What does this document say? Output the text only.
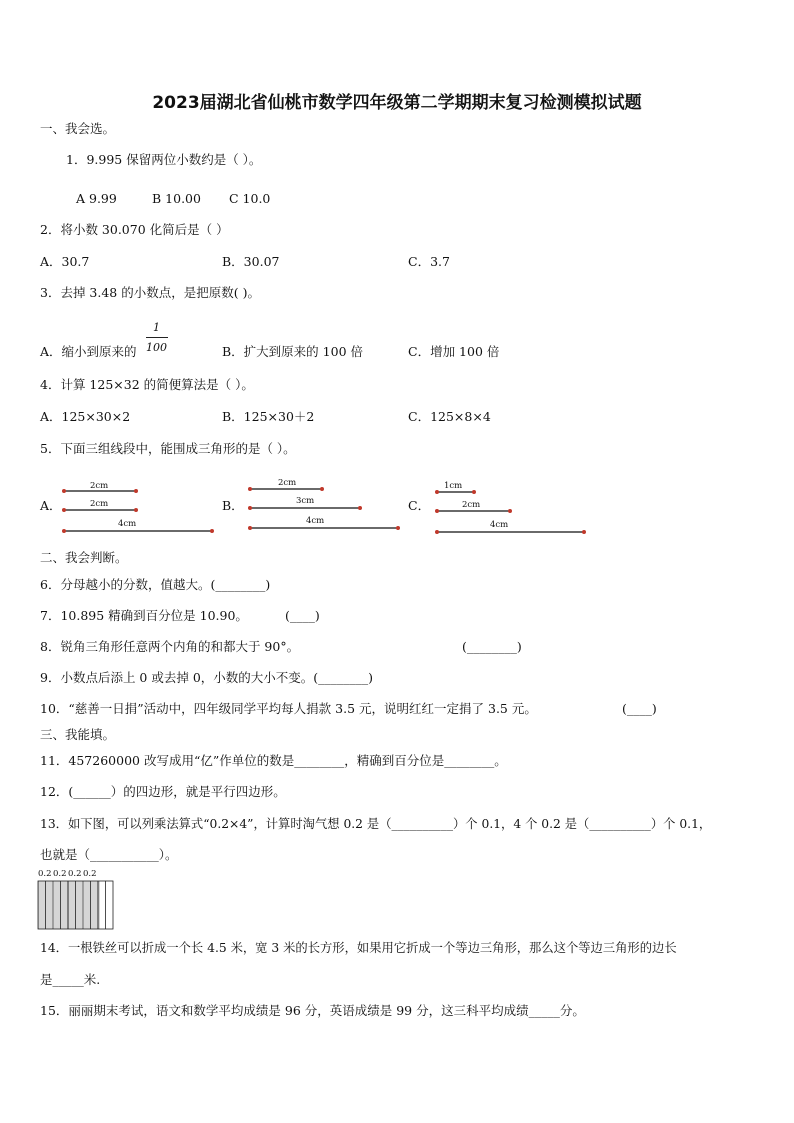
2023届湖北省仙桃市数学四年级第二学期期末复习检测模拟试题
一、我会选。
1．9.995 保留两位小数约是（ ）。
A 9.99	B 10.00 C 10.0
2．将小数 30.070 化简后是（ ）
A．30.7	B．30.07	C．3.7
3．去掉 3.48 的小数点，是把原数( )。
A．缩小到原来的
1
100	B．扩大到原来的 100 倍	C．增加 100 倍
4．计算 125×32 的简便算法是（ ）。
A．125×30×2	B．125×30＋2	C．125×8×4
5．下面三组线段中，能围成三角形的是（ ）。
A．
2cm
2cm
4cm
B．
2cm
3cm
4cm
C．
1cm
2cm
4cm
二、我会判断。
6．分母越小的分数，值越大。(________)
7．10.895 精确到百分位是 10.90。	(____)
8．锐角三角形任意两个内角的和都大于 90°。	(________)
9．小数点后添上 0 或去掉 0，小数的大小不变。(________)
10．“慈善一日捐”活动中，四年级同学平均每人捐款 3.5 元，说明红红一定捐了 3.5 元。	(____)
三、我能填。
11．457260000 改写成用“亿”作单位的数是________，精确到百分位是________。
12．(______）的四边形，就是平行四边形。
13．如下图，可以列乘法算式“0.2×4”，计算时淘气想 0.2 是（__________）个 0.1，4 个 0.2 是（__________）个 0.1，
也就是（___________）。
0.2 0.2 0.2 0.2
14．一根铁丝可以折成一个长 4.5 米，宽 3 米的长方形，如果用它折成一个等边三角形，那么这个等边三角形的边长
是_____米.
15．丽丽期末考试，语文和数学平均成绩是 96 分，英语成绩是 99 分，这三科平均成绩_____分。
